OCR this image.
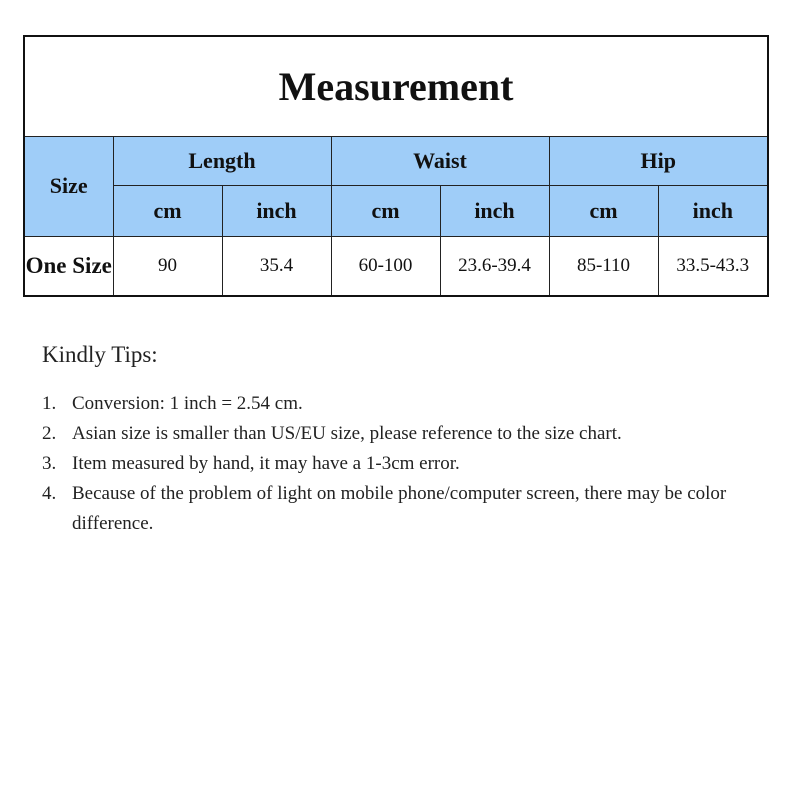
Measurement						
Size	Length		Waist		Hip	
	cm	inch	cm	inch	cm	inch
One Size	90	35.4	60-100	23.6-39.4	85-110	33.5-43.3
Kindly Tips:
1. Conversion: 1 inch = 2.54 cm.
2. Asian size is smaller than US/EU size, please reference to the size chart.
3. Item measured by hand, it may have a 1-3cm error.
4. Because of the problem of light on mobile phone/computer screen, there may be color difference.
